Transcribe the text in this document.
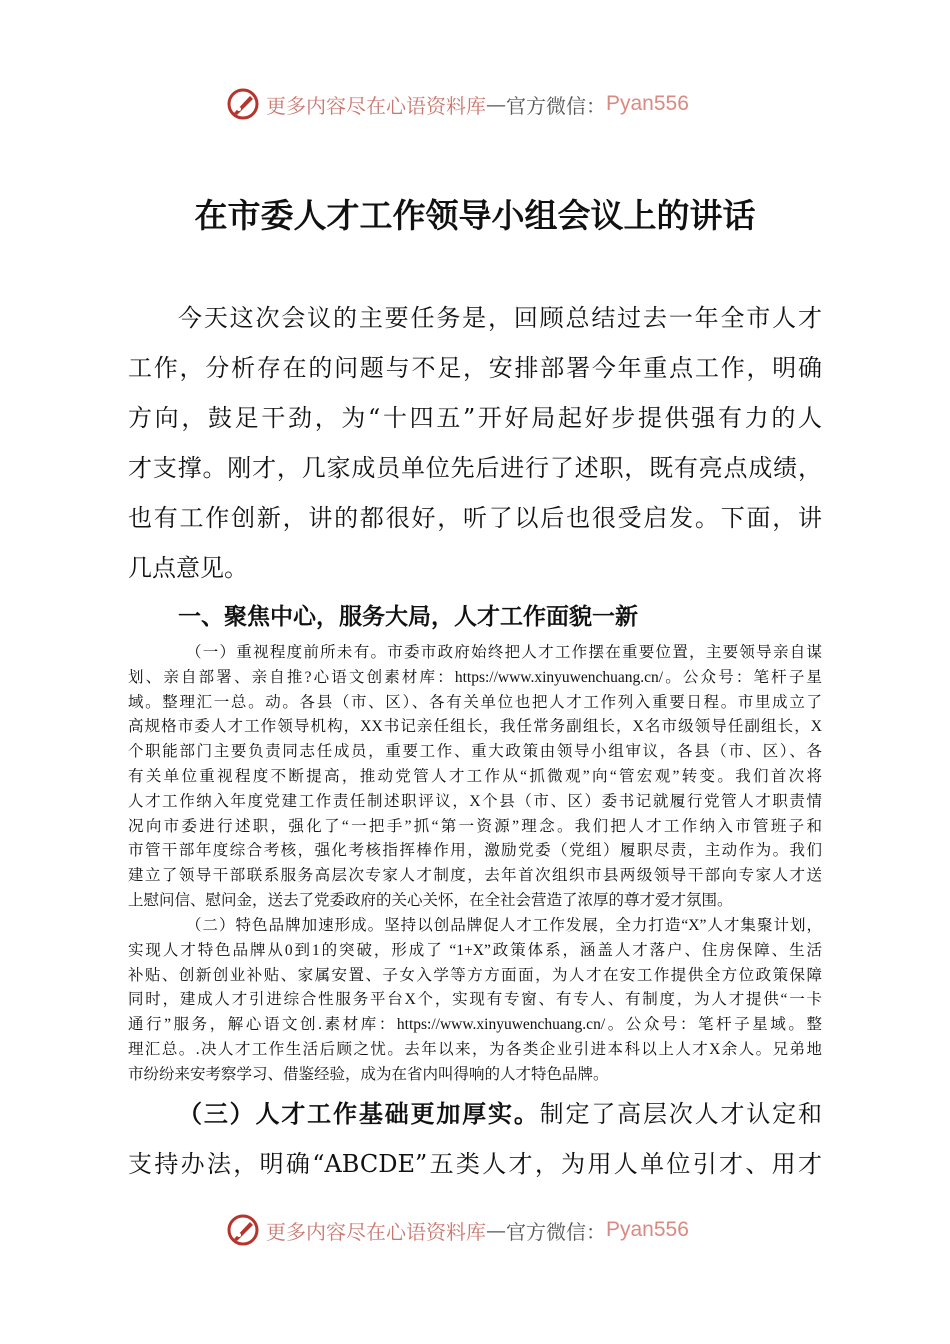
更多内容尽在心语资料库 — 官方微信： Pyan556
在市委人才工作领导小组会议上的讲话
今天这次会议的主要任务是，回顾总结过去一年全市人才
工作，分析存在的问题与不足，安排部署今年重点工作，明确
方向，鼓足干劲，为“十四五”开好局起好步提供强有力的人
才支撑。刚才，几家成员单位先后进行了述职，既有亮点成绩，
也有工作创新，讲的都很好，听了以后也很受启发。下面，讲
几点意见。
一、聚焦中心，服务大局，人才工作面貌一新
（一）重视程度前所未有。市委市政府始终把人才工作摆在重要位置，主要领导亲自谋
划、亲自部署、亲自推?心语文创素材库：https://www.xinyuwenchuang.cn/。公众号：笔杆子星
域。整理汇一总。动。各县（市、区）、各有关单位也把人才工作列入重要日程。市里成立了
高规格市委人才工作领导机构，XX书记亲任组长，我任常务副组长，X名市级领导任副组长，X
个职能部门主要负责同志任成员，重要工作、重大政策由领导小组审议，各县（市、区）、各
有关单位重视程度不断提高，推动党管人才工作从“抓微观”向“管宏观”转变。我们首次将
人才工作纳入年度党建工作责任制述职评议，X个县（市、区）委书记就履行党管人才职责情
况向市委进行述职，强化了“一把手”抓“第一资源”理念。我们把人才工作纳入市管班子和
市管干部年度综合考核，强化考核指挥棒作用，激励党委（党组）履职尽责，主动作为。我们
建立了领导干部联系服务高层次专家人才制度，去年首次组织市县两级领导干部向专家人才送
上慰问信、慰问金，送去了党委政府的关心关怀，在全社会营造了浓厚的尊才爱才氛围。
（二）特色品牌加速形成。坚持以创品牌促人才工作发展，全力打造“X”人才集聚计划，
实现人才特色品牌从0到1的突破，形成了 “1+X”政策体系，涵盖人才落户、住房保障、生活
补贴、创新创业补贴、家属安置、子女入学等方方面面，为人才在安工作提供全方位政策保障
同时，建成人才引进综合性服务平台X个，实现有专窗、有专人、有制度，为人才提供“一卡
通行”服务，解心语文创.素材库：https://www.xinyuwenchuang.cn/。公众号：笔杆子星域。整
理汇总。.决人才工作生活后顾之忧。去年以来，为各类企业引进本科以上人才X余人。兄弟地
市纷纷来安考察学习、借鉴经验，成为在省内叫得响的人才特色品牌。
（三）人才工作基础更加厚实。制定了高层次人才认定和
支持办法，明确“ABCDE”五类人才，为用人单位引才、用才
更多内容尽在心语资料库 — 官方微信： Pyan556
